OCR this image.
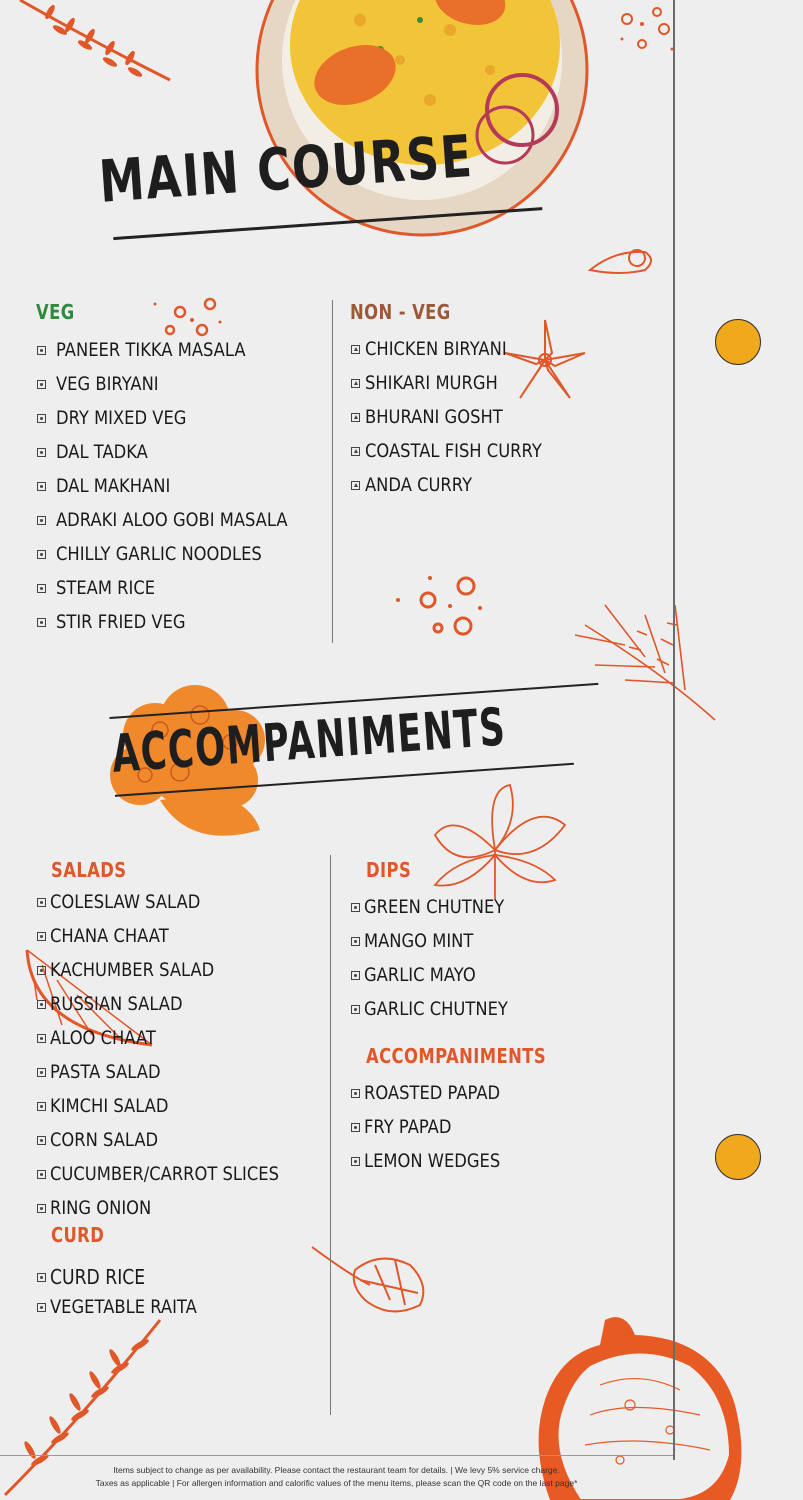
MAIN COURSE
VEG
PANEER TIKKA MASALA
VEG BIRYANI
DRY MIXED VEG
DAL TADKA
DAL MAKHANI
ADRAKI ALOO GOBI MASALA
CHILLY GARLIC NOODLES
STEAM RICE
STIR FRIED VEG
NON - VEG
CHICKEN BIRYANI
SHIKARI MURGH
BHURANI GOSHT
COASTAL FISH CURRY
ANDA CURRY
ACCOMPANIMENTS
SALADS
COLESLAW SALAD
CHANA CHAAT
KACHUMBER SALAD
RUSSIAN SALAD
ALOO CHAAT
PASTA SALAD
KIMCHI SALAD
CORN SALAD
CUCUMBER/CARROT SLICES
RING ONION
CURD
CURD RICE
VEGETABLE RAITA
DIPS
GREEN CHUTNEY
MANGO MINT
GARLIC MAYO
GARLIC CHUTNEY
ACCOMPANIMENTS
ROASTED PAPAD
FRY PAPAD
LEMON WEDGES
Items subject to change as per availability. Please contact the restaurant team for details. | We levy 5% service charge.
Taxes as applicable | For allergen information and calorific values of the menu items, please scan the QR code on the last page*
